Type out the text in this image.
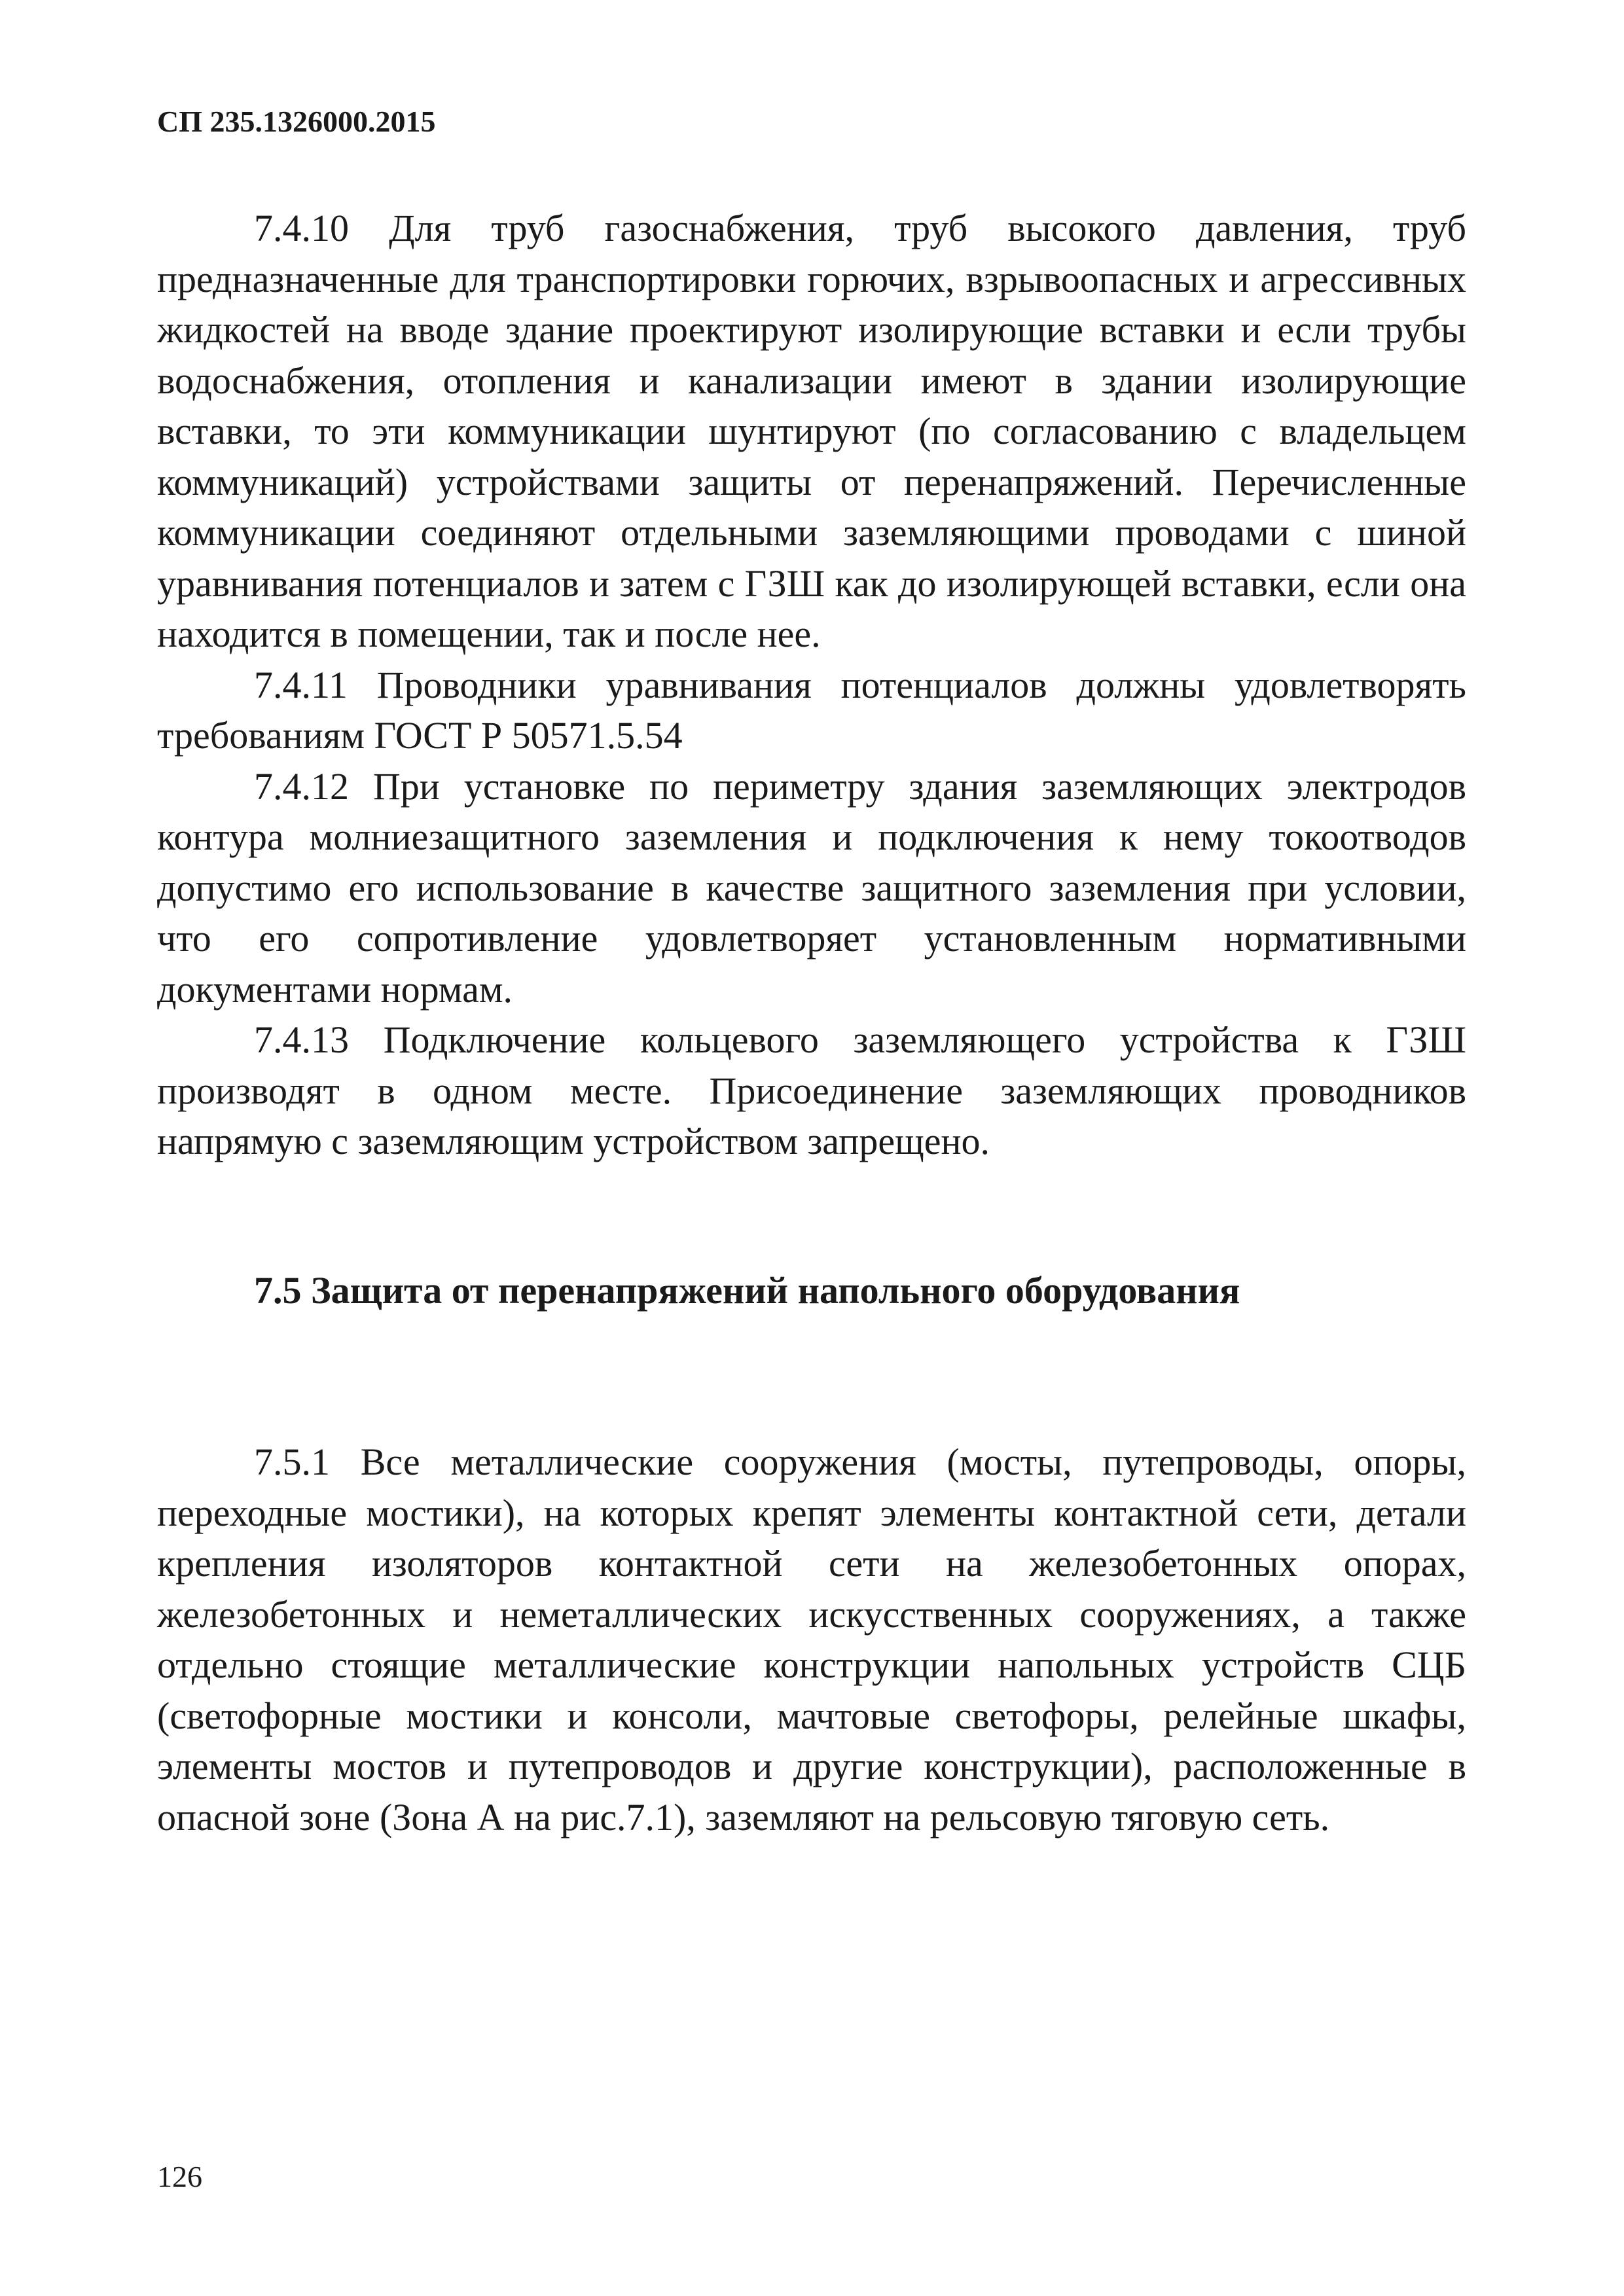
СП 235.1326000.2015

7.4.10 Для труб газоснабжения, труб высокого давления, труб предназначенные для транспортировки горючих, взрывоопасных и агрессивных жидкостей на вводе здание проектируют изолирующие вставки и если трубы водоснабжения, отопления и канализации имеют в здании изолирующие вставки, то эти коммуникации шунтируют (по согласованию с владельцем коммуникаций) устройствами защиты от перенапряжений. Перечисленные коммуникации соединяют отдельными заземляющими проводами с шиной уравнивания потенциалов и затем с ГЗШ как до изолирующей вставки, если она находится в помещении, так и после нее.

7.4.11 Проводники уравнивания потенциалов должны удовлетворять требованиям ГОСТ Р 50571.5.54

7.4.12 При установке по периметру здания заземляющих электродов контура молниезащитного заземления и подключения к нему токоотводов допустимо его использование в качестве защитного заземления при условии, что его сопротивление удовлетворяет установленным нормативными документами нормам.

7.4.13 Подключение кольцевого заземляющего устройства к ГЗШ производят в одном месте. Присоединение заземляющих проводников напрямую с заземляющим устройством запрещено.

7.5 Защита от перенапряжений напольного оборудования

7.5.1 Все металлические сооружения (мосты, путепроводы, опоры, переходные мостики), на которых крепят элементы контактной сети, детали крепления изоляторов контактной сети на железобетонных опорах, железобетонных и неметаллических искусственных сооружениях, а также отдельно стоящие металлические конструкции напольных устройств СЦБ (светофорные мостики и консоли, мачтовые светофоры, релейные шкафы, элементы мостов и путепроводов и другие конструкции), расположенные в опасной зоне (Зона А на рис.7.1), заземляют на рельсовую тяговую сеть.

126
